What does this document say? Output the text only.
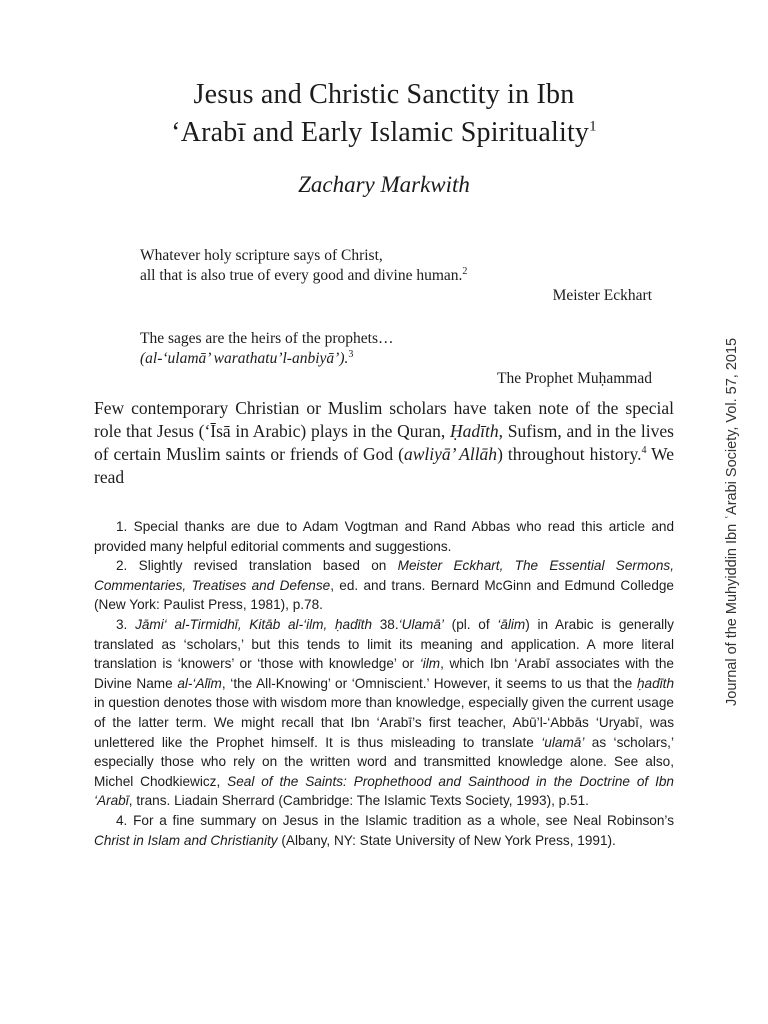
Jesus and Christic Sanctity in Ibn
‘Arabī and Early Islamic Spirituality$^1$
Zachary Markwith
Whatever holy scripture says of Christ,
all that is also true of every good and divine human.$^2$
Meister Eckhart
The sages are the heirs of the prophets…
(al-‘ulamā’ warathatu’l-anbiyā’).$^3$
The Prophet Muḥammad

Few contemporary Christian or Muslim scholars have taken note of the special role that Jesus (‘Īsā in Arabic) plays in the Quran, Ḥadīth, Sufism, and in the lives of certain Muslim saints or friends of God (awliyā’ Allāh) throughout history.$^4$ We read

1. Special thanks are due to Adam Vogtman and Rand Abbas who read this article and provided many helpful editorial comments and suggestions.

2. Slightly revised translation based on Meister Eckhart, The Essential Sermons, Commentaries, Treatises and Defense, ed. and trans. Bernard McGinn and Edmund Colledge (New York: Paulist Press, 1981), p.78.

3. Jāmi‘ al-Tirmidhī, Kitāb al-‘ilm, ḥadīth 38.‘Ulamā’ (pl. of ‘ālim) in Arabic is generally translated as ‘scholars,’ but this tends to limit its meaning and application. A more literal translation is ‘knowers’ or ‘those with knowledge’ or ‘ilm, which Ibn ‘Arabī associates with the Divine Name al-‘Alīm, ‘the All-Knowing’ or ‘Omniscient.’ However, it seems to us that the ḥadīth in question denotes those with wisdom more than knowledge, especially given the current usage of the latter term. We might recall that Ibn ‘Arabī’s first teacher, Abū’l-‘Abbās ‘Uryabī, was unlettered like the Prophet himself. It is thus misleading to translate ‘ulamā’ as ‘scholars,’ especially those who rely on the written word and transmitted knowledge alone. See also, Michel Chodkiewicz, Seal of the Saints: Prophethood and Sainthood in the Doctrine of Ibn ‘Arabī, trans. Liadain Sherrard (Cambridge: The Islamic Texts Society, 1993), p.51.

4. For a fine summary on Jesus in the Islamic tradition as a whole, see Neal Robinson’s Christ in Islam and Christianity (Albany, NY: State University of New York Press, 1991).

Journal of the Muhyiddin Ibn ʿArabi Society, Vol. 57, 2015
